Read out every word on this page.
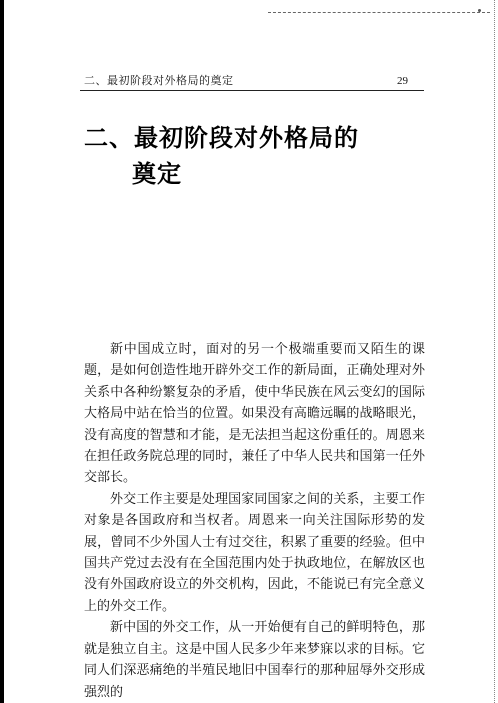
二、最初阶段对外格局的奠定	29
二、最初阶段对外格局的
奠定

新中国成立时，面对的另一个极端重要而又陌生的课题，是如何创造性地开辟外交工作的新局面，正确处理对外关系中各种纷繁复杂的矛盾，使中华民族在风云变幻的国际大格局中站在恰当的位置。如果没有高瞻远瞩的战略眼光，没有高度的智慧和才能，是无法担当起这份重任的。周恩来在担任政务院总理的同时，兼任了中华人民共和国第一任外交部长。

外交工作主要是处理国家同国家之间的关系，主要工作对象是各国政府和当权者。周恩来一向关注国际形势的发展，曾同不少外国人士有过交往，积累了重要的经验。但中国共产党过去没有在全国范围内处于执政地位，在解放区也没有外国政府设立的外交机构，因此，不能说已有完全意义上的外交工作。

新中国的外交工作，从一开始便有自己的鲜明特色，那就是独立自主。这是中国人民多少年来梦寐以求的目标。它同人们深恶痛绝的半殖民地旧中国奉行的那种屈辱外交形成强烈的
